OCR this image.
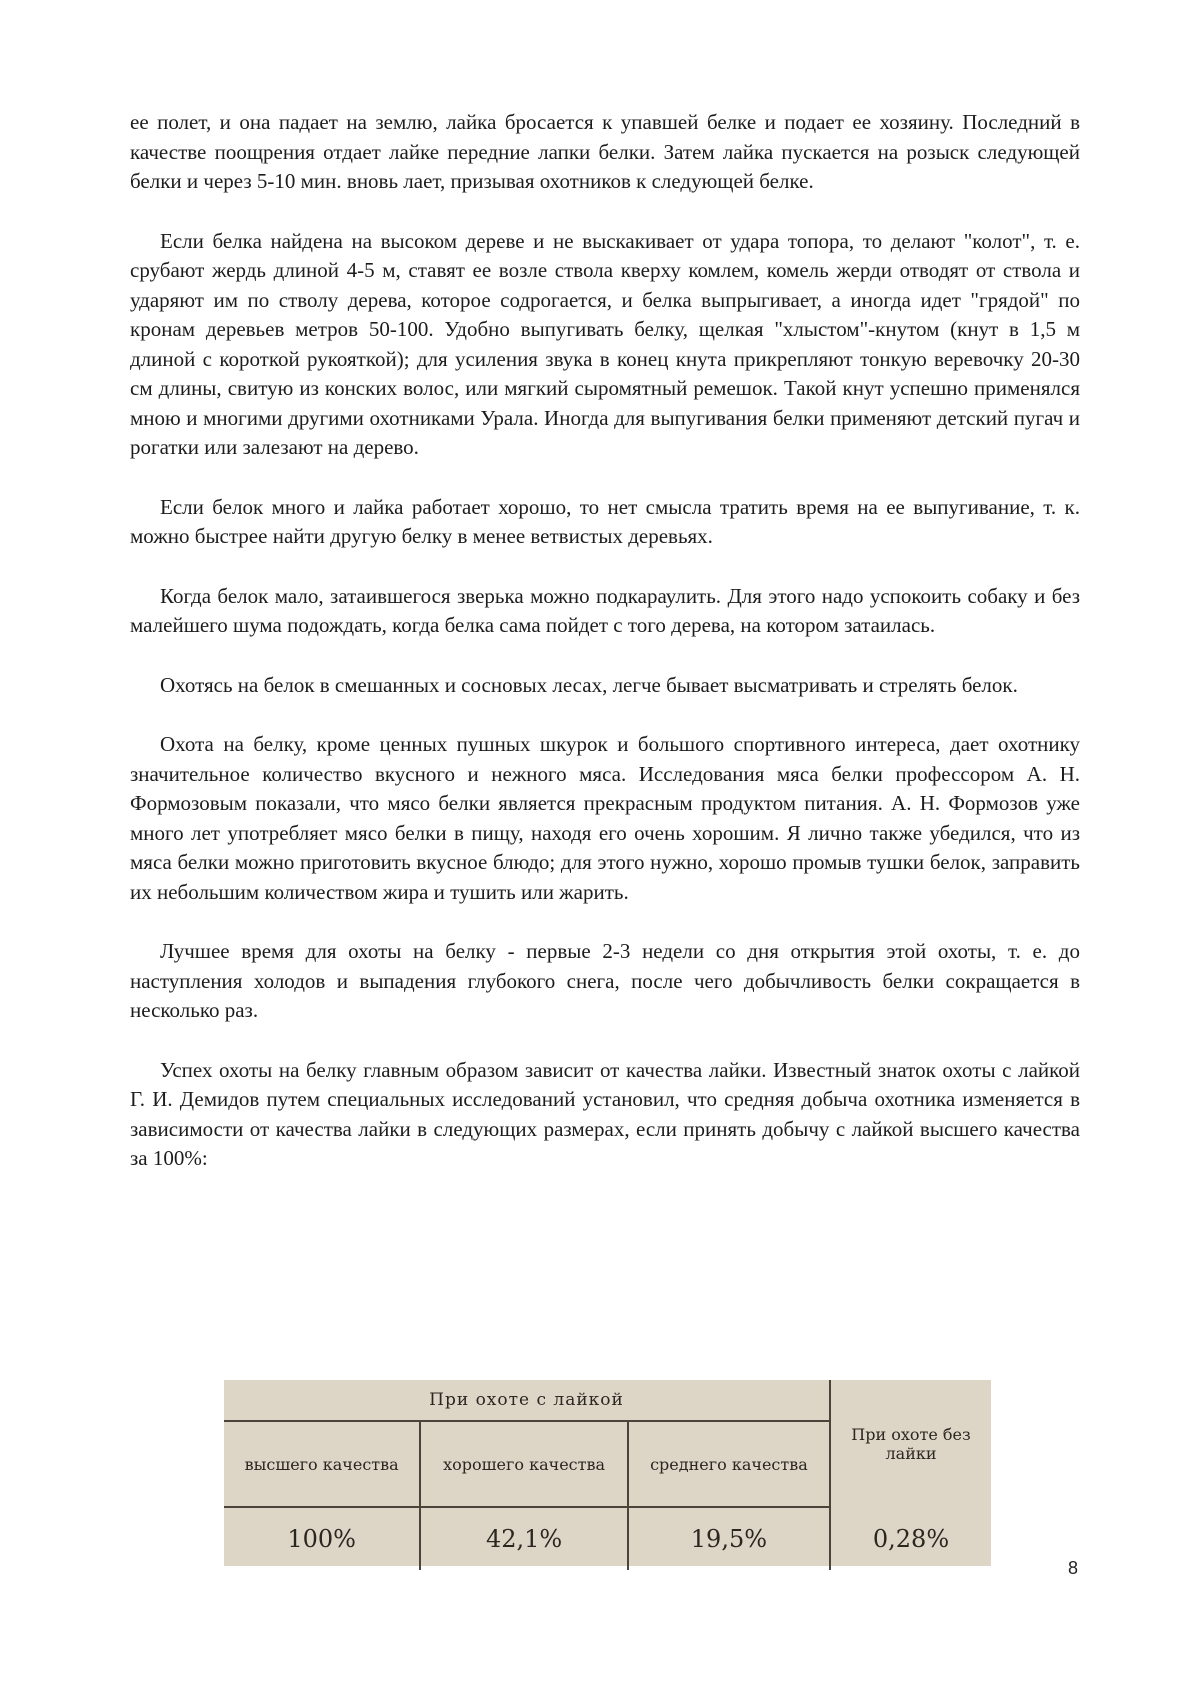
ее полет, и она падает на землю, лайка бросается к упавшей белке и подает ее хозяину. Последний в качестве поощрения отдает лайке передние лапки белки. Затем лайка пускается на розыск следующей белки и через 5-10 мин. вновь лает, призывая охотников к следующей белке.

Если белка найдена на высоком дереве и не выскакивает от удара топора, то делают "колот", т. е. срубают жердь длиной 4-5 м, ставят ее возле ствола кверху комлем, комель жерди отводят от ствола и ударяют им по стволу дерева, которое содрогается, и белка выпрыгивает, а иногда идет "грядой" по кронам деревьев метров 50-100. Удобно выпугивать белку, щелкая "хлыстом"-кнутом (кнут в 1,5 м длиной с короткой рукояткой); для усиления звука в конец кнута прикрепляют тонкую веревочку 20-30 см длины, свитую из конских волос, или мягкий сыромятный ремешок. Такой кнут успешно применялся мною и многими другими охотниками Урала. Иногда для выпугивания белки применяют детский пугач и рогатки или залезают на дерево.

Если белок много и лайка работает хорошо, то нет смысла тратить время на ее выпугивание, т. к. можно быстрее найти другую белку в менее ветвистых деревьях.

Когда белок мало, затаившегося зверька можно подкараулить. Для этого надо успокоить собаку и без малейшего шума подождать, когда белка сама пойдет с того дерева, на котором затаилась.

Охотясь на белок в смешанных и сосновых лесах, легче бывает высматривать и стрелять белок.

Охота на белку, кроме ценных пушных шкурок и большого спортивного интереса, дает охотнику значительное количество вкусного и нежного мяса. Исследования мяса белки профессором А. Н. Формозовым показали, что мясо белки является прекрасным продуктом питания. А. Н. Формозов уже много лет употребляет мясо белки в пищу, находя его очень хорошим. Я лично также убедился, что из мяса белки можно приготовить вкусное блюдо; для этого нужно, хорошо промыв тушки белок, заправить их небольшим количеством жира и тушить или жарить.

Лучшее время для охоты на белку - первые 2-3 недели со дня открытия этой охоты, т. е. до наступления холодов и выпадения глубокого снега, после чего добычливость белки сокращается в несколько раз.

Успех охоты на белку главным образом зависит от качества лайки. Известный знаток охоты с лайкой Г. И. Демидов путем специальных исследований установил, что средняя добыча охотника изменяется в зависимости от качества лайки в следующих размерах, если принять добычу с лайкой высшего качества за 100%:

При охоте с лайкой			При охоте без лайки
высшего качества	хорошего качества	среднего качества	
100%	42,1%	19,5%	0,28%
8
